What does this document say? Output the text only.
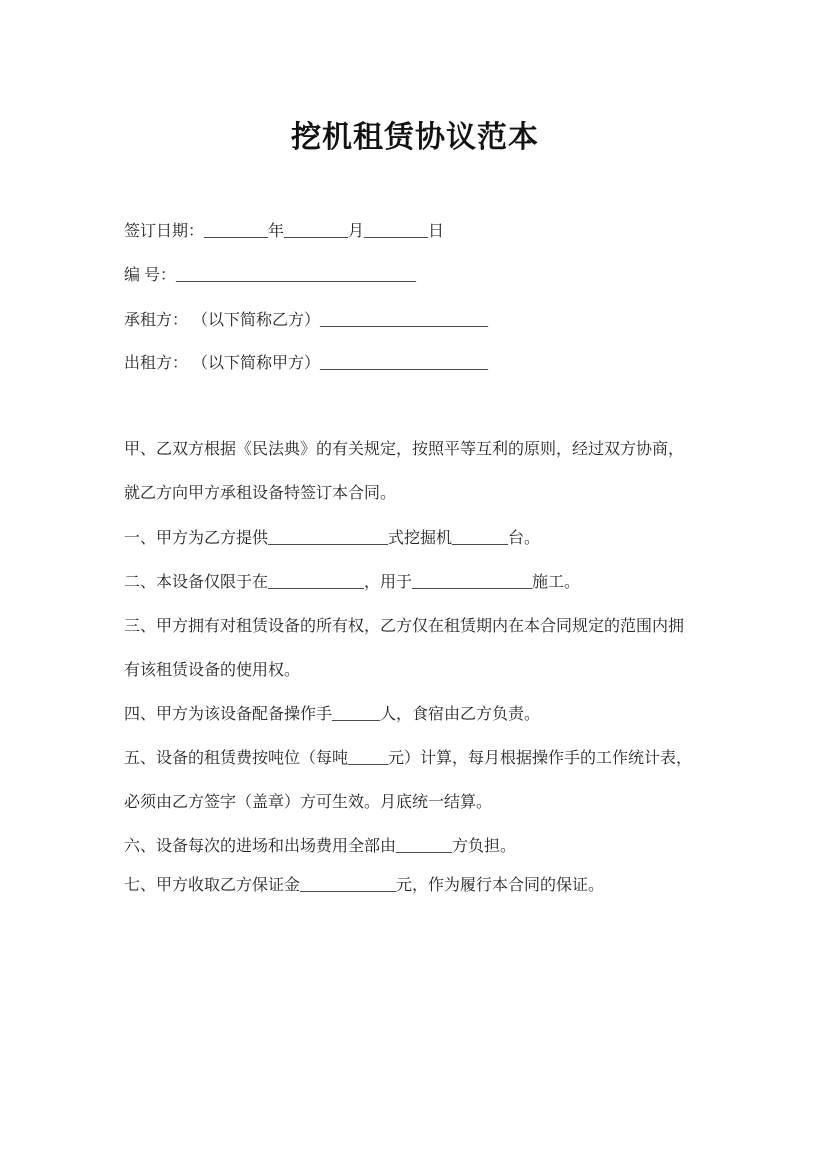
挖机租赁协议范本
签订日期：________年________月________日
编 号：______________________________
承租方： （以下简称乙方）_____________________
出租方： （以下简称甲方）_____________________
甲、乙双方根据《民法典》的有关规定，按照平等互利的原则，经过双方协商，
就乙方向甲方承租设备特签订本合同。
一、甲方为乙方提供_______________式挖掘机_______台。
二、本设备仅限于在____________，用于_______________施工。
三、甲方拥有对租赁设备的所有权，乙方仅在租赁期内在本合同规定的范围内拥
有该租赁设备的使用权。
四、甲方为该设备配备操作手______人，食宿由乙方负责。
五、设备的租赁费按吨位（每吨_____元）计算，每月根据操作手的工作统计表，
必须由乙方签字（盖章）方可生效。月底统一结算。
六、设备每次的进场和出场费用全部由_______方负担。
七、甲方收取乙方保证金____________元，作为履行本合同的保证。
